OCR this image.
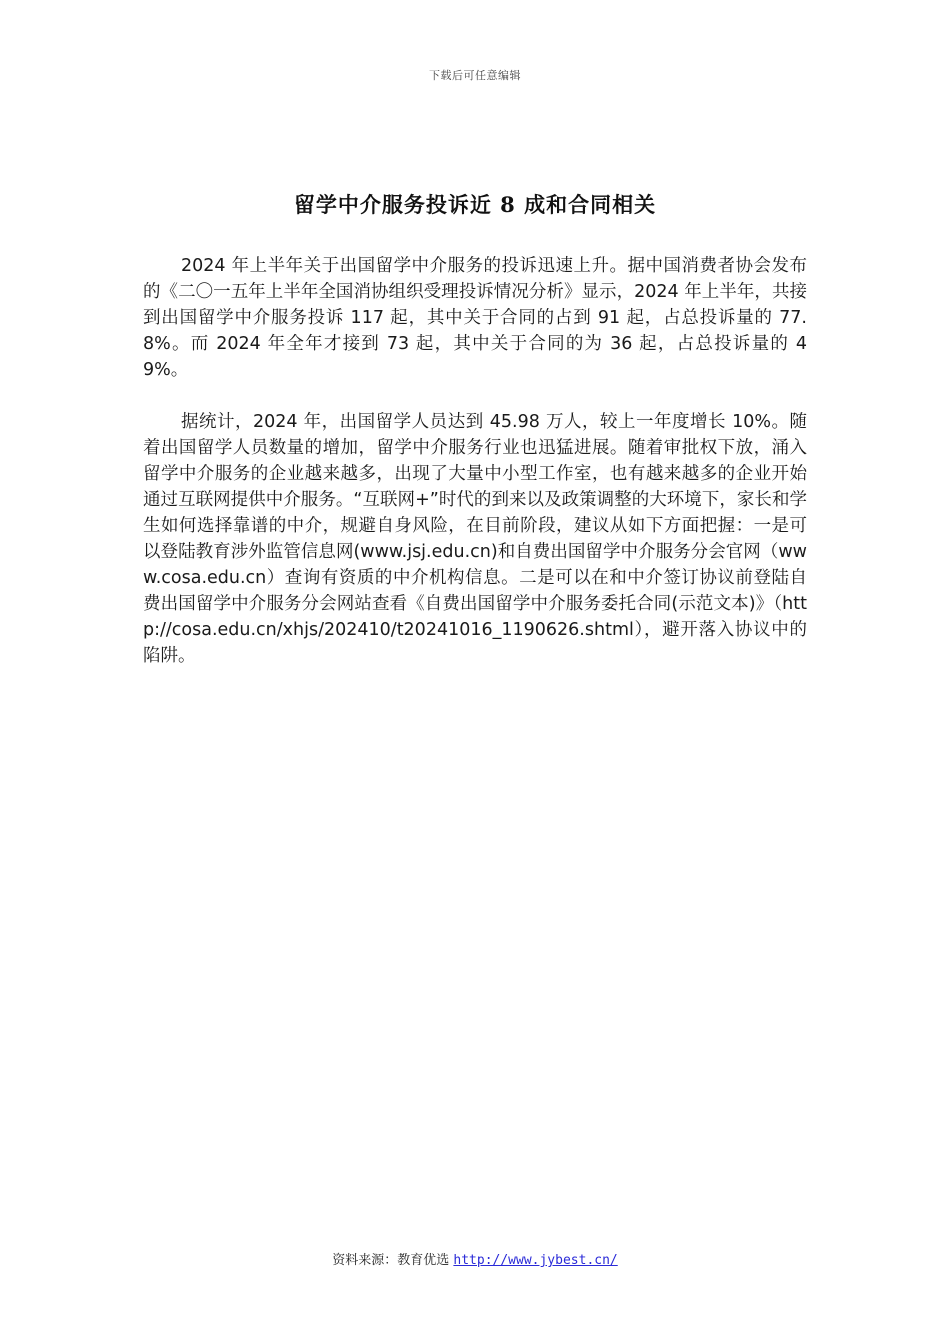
下载后可任意编辑
留学中介服务投诉近 8 成和合同相关

2024 年上半年关于出国留学中介服务的投诉迅速上升。据中国消费者协会发布的《二〇一五年上半年全国消协组织受理投诉情况分析》显示，2024 年上半年，共接到出国留学中介服务投诉 117 起，其中关于合同的占到 91 起，占总投诉量的 77.8%。而 2024 年全年才接到 73 起，其中关于合同的为 36 起，占总投诉量的 49%。

据统计，2024 年，出国留学人员达到 45.98 万人，较上一年度增长 10%。随着出国留学人员数量的增加，留学中介服务行业也迅猛进展。随着审批权下放，涌入留学中介服务的企业越来越多，出现了大量中小型工作室，也有越来越多的企业开始通过互联网提供中介服务。“互联网+”时代的到来以及政策调整的大环境下，家长和学生如何选择靠谱的中介，规避自身风险，在目前阶段，建议从如下方面把握：一是可以登陆教育涉外监管信息网(www.jsj.edu.cn)和自费出国留学中介服务分会官网（www.cosa.edu.cn）查询有资质的中介机构信息。二是可以在和中介签订协议前登陆自费出国留学中介服务分会网站查看《自费出国留学中介服务委托合同(示范文本)》（http://cosa.edu.cn/xhjs/202410/t20241016_1190626.shtml），避开落入协议中的陷阱。

资料来源：教育优选 http://www.jybest.cn/
